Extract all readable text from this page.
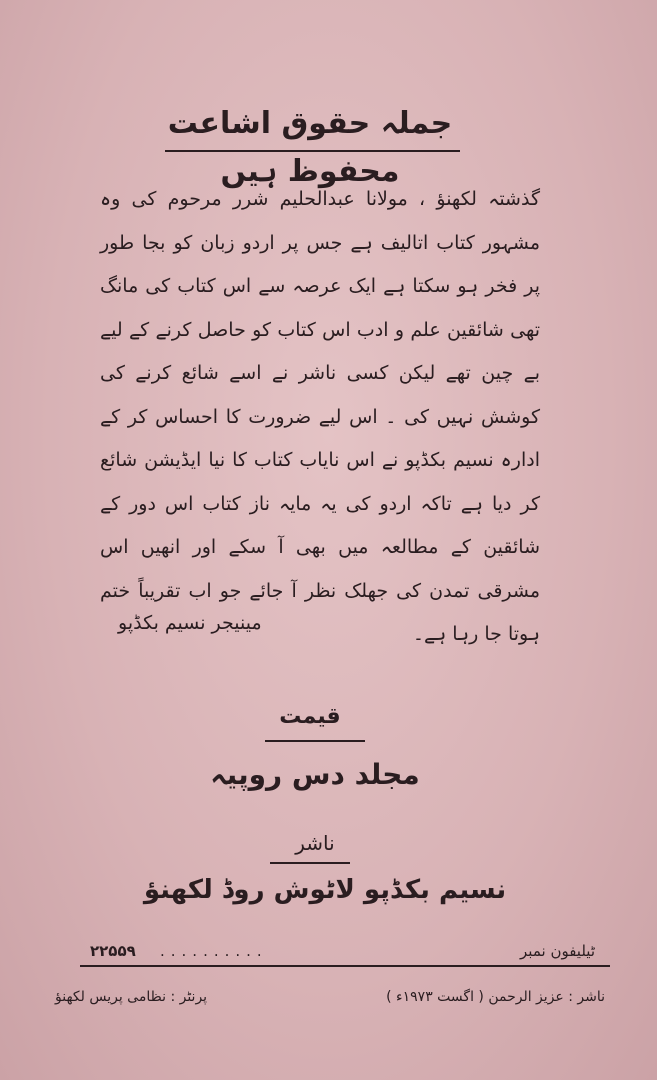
جملہ حقوق اشاعت محفوظ ہیں
گذشتہ لکھنؤ ، مولانا عبدالحلیم شرر مرحوم کی وہ مشہور کتاب اتالیف ہے جس پر اردو زبان کو بجا طور پر فخر ہو سکتا ہے ایک عرصہ سے اس کتاب کی مانگ تھی شائقین علم و ادب اس کتاب کو حاصل کرنے کے لیے بے چین تھے لیکن کسی ناشر نے اسے شائع کرنے کی کوشش نہیں کی ۔ اس لیے ضرورت کا احساس کر کے ادارہ نسیم بکڈپو نے اس نایاب کتاب کا نیا ایڈیشن شائع کر دیا ہے تاکہ اردو کی یہ مایہ ناز کتاب اس دور کے شائقین کے مطالعہ میں بھی آ سکے اور انھیں اس مشرقی تمدن کی جھلک نظر آ جائے جو اب تقریباً ختم ہوتا جا رہا ہے۔
مینیجر نسیم بکڈپو
قیمت
مجلد دس روپیہ
ناشر
نسیم بکڈپو لاٹوش روڈ لکھنؤ
۲۲۵۵۹ ..........	ٹیلیفون نمبر
پرنٹر : نظامی پریس لکھنؤ	ناشر : عزیز الرحمن ( اگست ۱۹۷۳ء )
